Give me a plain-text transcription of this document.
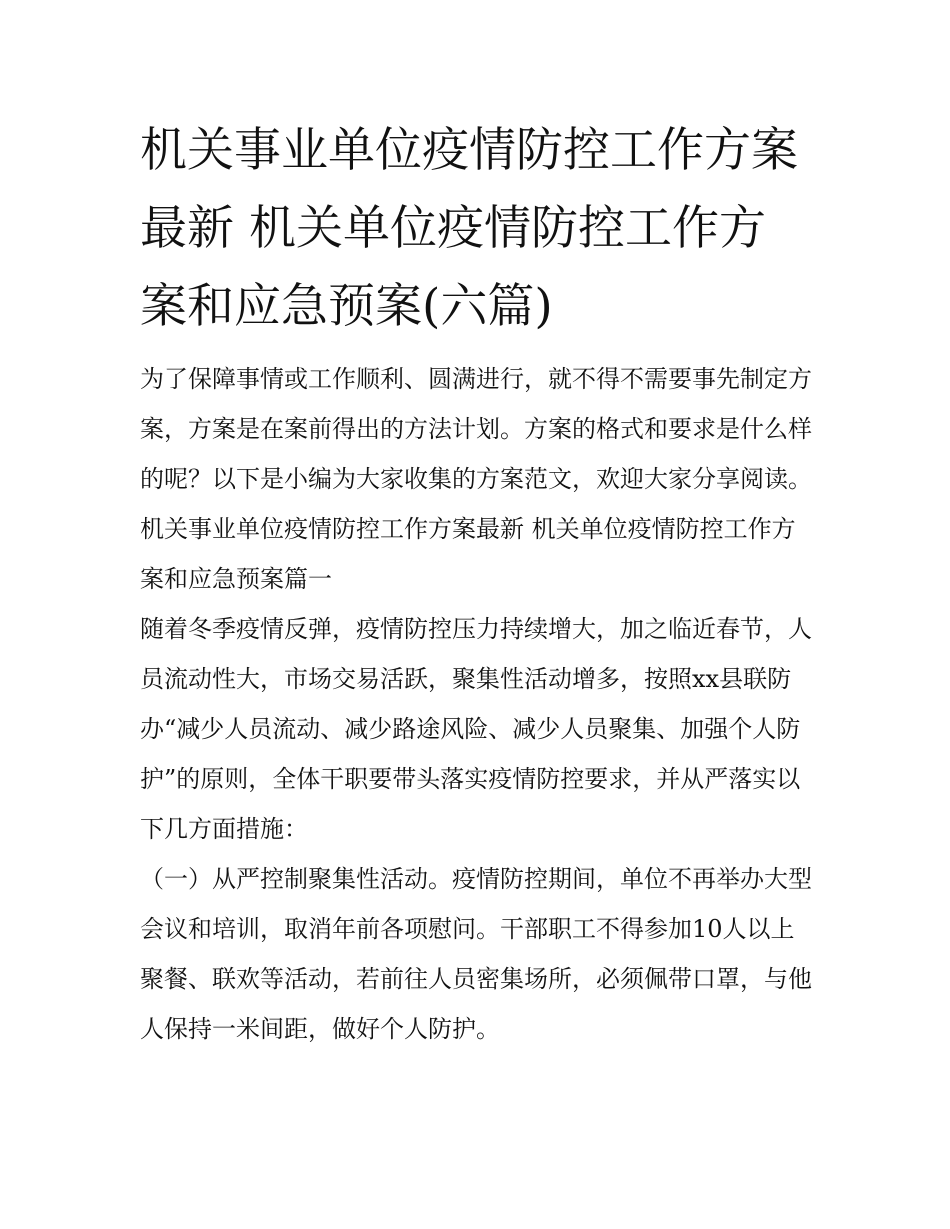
机关事业单位疫情防控工作方案最新 机关单位疫情防控工作方案和应急预案(六篇)

为了保障事情或工作顺利、圆满进行，就不得不需要事先制定方案，方案是在案前得出的方法计划。方案的格式和要求是什么样的呢？以下是小编为大家收集的方案范文，欢迎大家分享阅读。

机关事业单位疫情防控工作方案最新 机关单位疫情防控工作方案和应急预案篇一

随着冬季疫情反弹，疫情防控压力持续增大，加之临近春节，人员流动性大，市场交易活跃，聚集性活动增多，按照xx县联防办“减少人员流动、减少路途风险、减少人员聚集、加强个人防护”的原则，全体干职要带头落实疫情防控要求，并从严落实以下几方面措施：

（一）从严控制聚集性活动。疫情防控期间，单位不再举办大型会议和培训，取消年前各项慰问。干部职工不得参加10人以上聚餐、联欢等活动，若前往人员密集场所，必须佩带口罩，与他人保持一米间距，做好个人防护。
